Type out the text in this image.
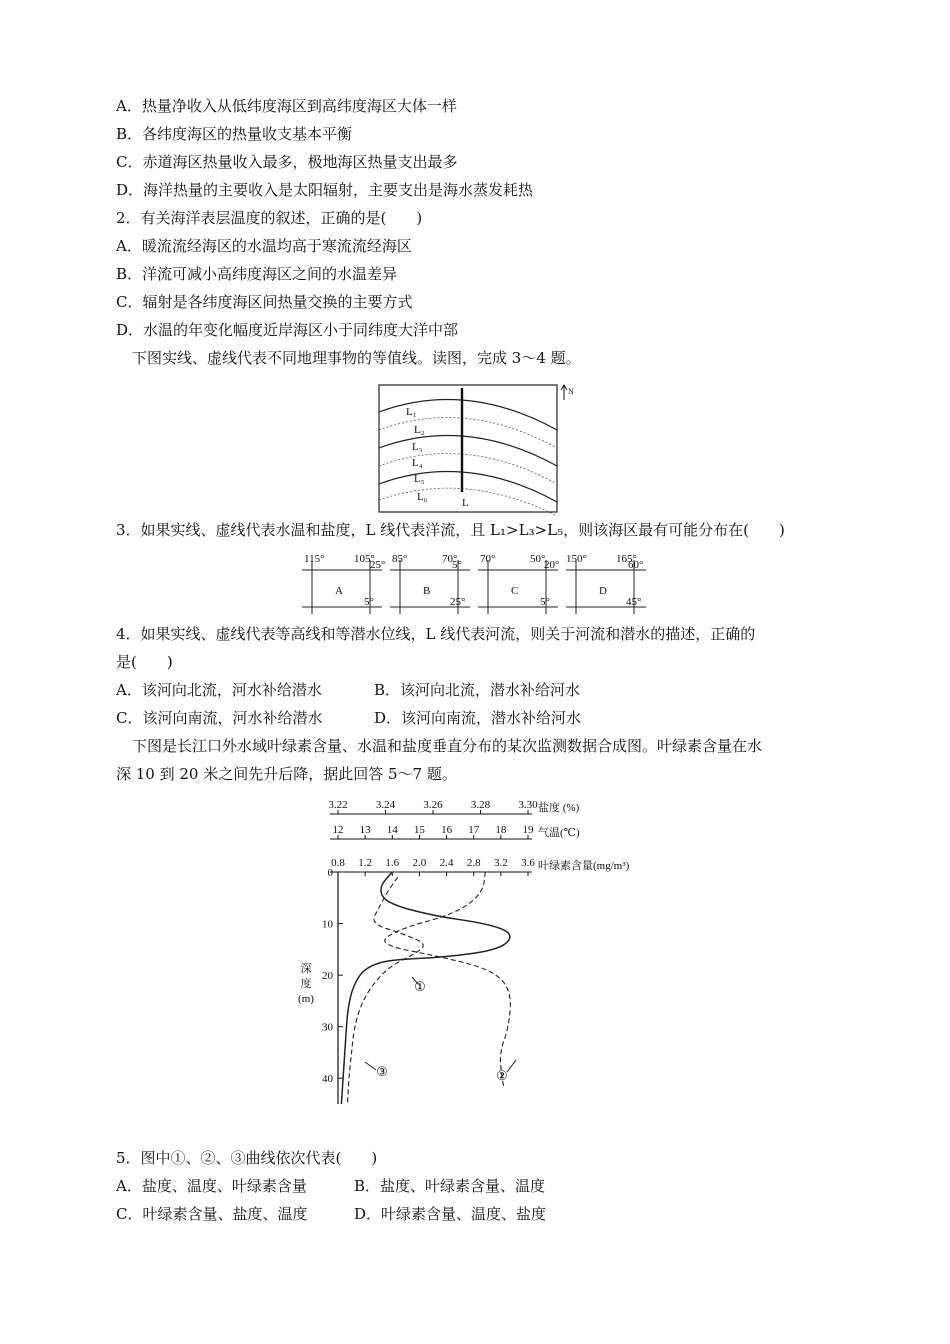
A．热量净收入从低纬度海区到高纬度海区大体一样
B．各纬度海区的热量收支基本平衡
C．赤道海区热量收入最多，极地海区热量支出最多
D．海洋热量的主要收入是太阳辐射，主要支出是海水蒸发耗热
2．有关海洋表层温度的叙述，正确的是(　　)
A．暖流流经海区的水温均高于寒流流经海区
B．洋流可减小高纬度海区之间的水温差异
C．辐射是各纬度海区间热量交换的主要方式
D．水温的年变化幅度近岸海区小于同纬度大洋中部
下图实线、虚线代表不同地理事物的等值线。读图，完成 3～4 题。
L₁
L₂
L₃
L₄
L₅
L₆	L
N
3．如果实线、虚线代表水温和盐度，L 线代表洋流，且 L₁>L₃>L₅，则该海区最有可能分布在(　　)
115°	105°
25°
5°
A
85°	70°
5°
25°
B
70°	50°
20°
5°
C
150°	165°
60°
45°
D
4．如果实线、虚线代表等高线和等潜水位线，L 线代表河流，则关于河流和潜水的描述，正确的
是(　　)
A．该河向北流，河水补给潜水	B．该河向北流，潜水补给河水
C．该河向南流，河水补给潜水	D．该河向南流，潜水补给河水
下图是长江口外水域叶绿素含量、水温和盐度垂直分布的某次监测数据合成图。叶绿素含量在水
深 10 到 20 米之间先升后降，据此回答 5～7 题。
0
10
20
30
40
深
度
(m)
3.22	3.24	3.26	3.28	3.30 盐度 (%)
12 13 14 15 16 17 18 19 气温(℃)
0.8 1.2 1.6 2.0 2.4 2.8 3.2 3.6 叶绿素含量(mg/m³)
①
②
③
5．图中①、②、③曲线依次代表(　　)
A．盐度、温度、叶绿素含量	B．盐度、叶绿素含量、温度
C．叶绿素含量、盐度、温度	D．叶绿素含量、温度、盐度
